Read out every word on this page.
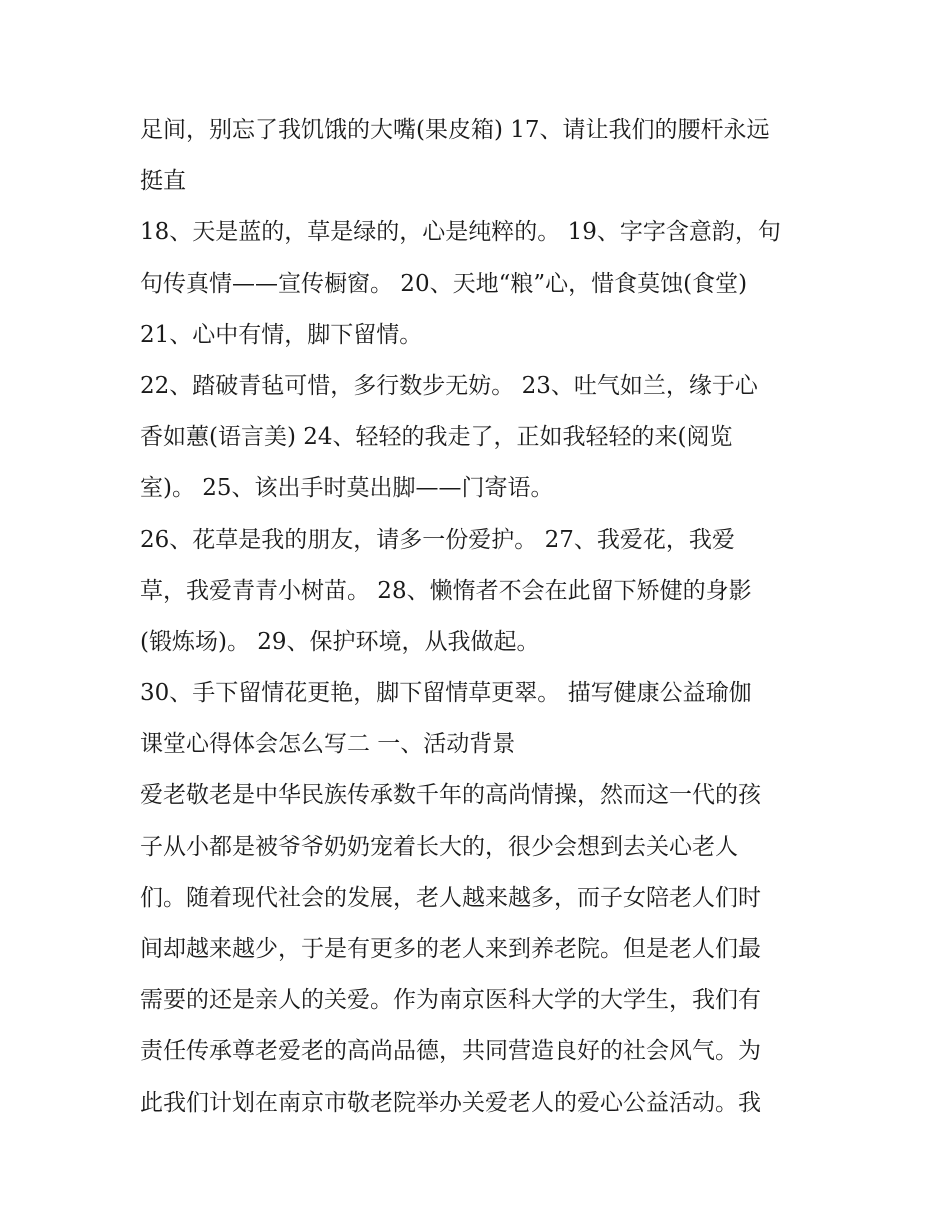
足间，别忘了我饥饿的大嘴(果皮箱) 17、请让我们的腰杆永远
挺直
18、天是蓝的，草是绿的，心是纯粹的。 19、字字含意韵，句
句传真情——宣传橱窗。 20、天地“粮”心，惜食莫蚀(食堂)
21、心中有情，脚下留情。
22、踏破青毡可惜，多行数步无妨。 23、吐气如兰，缘于心
香如蕙(语言美) 24、轻轻的我走了，正如我轻轻的来(阅览
室)。 25、该出手时莫出脚——门寄语。
26、花草是我的朋友，请多一份爱护。 27、我爱花，我爱
草，我爱青青小树苗。 28、懒惰者不会在此留下矫健的身影
(锻炼场)。 29、保护环境，从我做起。
30、手下留情花更艳，脚下留情草更翠。 描写健康公益瑜伽
课堂心得体会怎么写二 一、活动背景
爱老敬老是中华民族传承数千年的高尚情操，然而这一代的孩
子从小都是被爷爷奶奶宠着长大的，很少会想到去关心老人
们。随着现代社会的发展，老人越来越多，而子女陪老人们时
间却越来越少，于是有更多的老人来到养老院。但是老人们最
需要的还是亲人的关爱。作为南京医科大学的大学生，我们有
责任传承尊老爱老的高尚品德，共同营造良好的社会风气。为
此我们计划在南京市敬老院举办关爱老人的爱心公益活动。我
